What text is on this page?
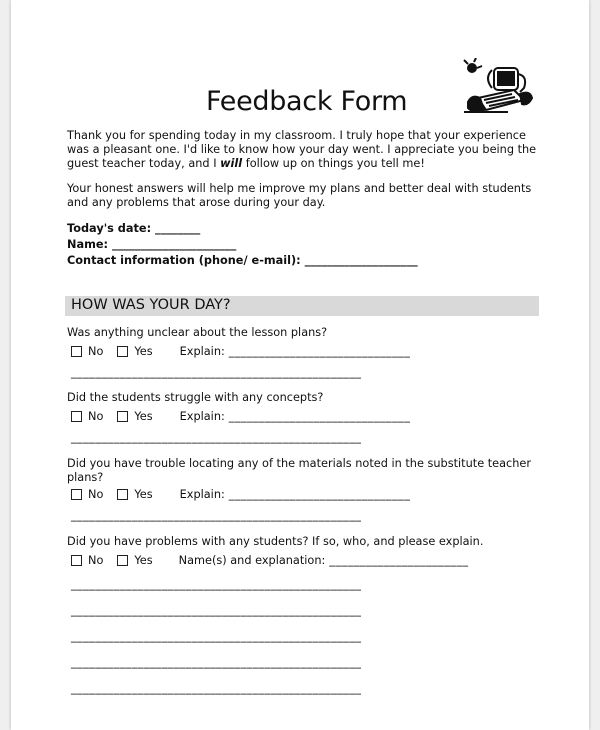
Feedback Form
Thank you for spending today in my classroom. I truly hope that your experience
was a pleasant one. I'd like to know how your day went. I appreciate you being the
guest teacher today, and I will follow up on things you tell me!
Your honest answers will help me improve my plans and better deal with students
and any problems that arose during your day.
Today's date: ________
Name: ______________________
Contact information (phone/ e-mail): ____________________
HOW WAS YOUR DAY?
Was anything unclear about the lesson plans?
No	Yes Explain: ______________________________
________________________________________________
Did the students struggle with any concepts?
No	Yes Explain: ______________________________
________________________________________________
Did you have trouble locating any of the materials noted in the substitute teacher
plans?
No	Yes Explain: ______________________________
________________________________________________
Did you have problems with any students? If so, who, and please explain.
No	Yes Name(s) and explanation: _______________________
________________________________________________
________________________________________________
________________________________________________
________________________________________________
________________________________________________
